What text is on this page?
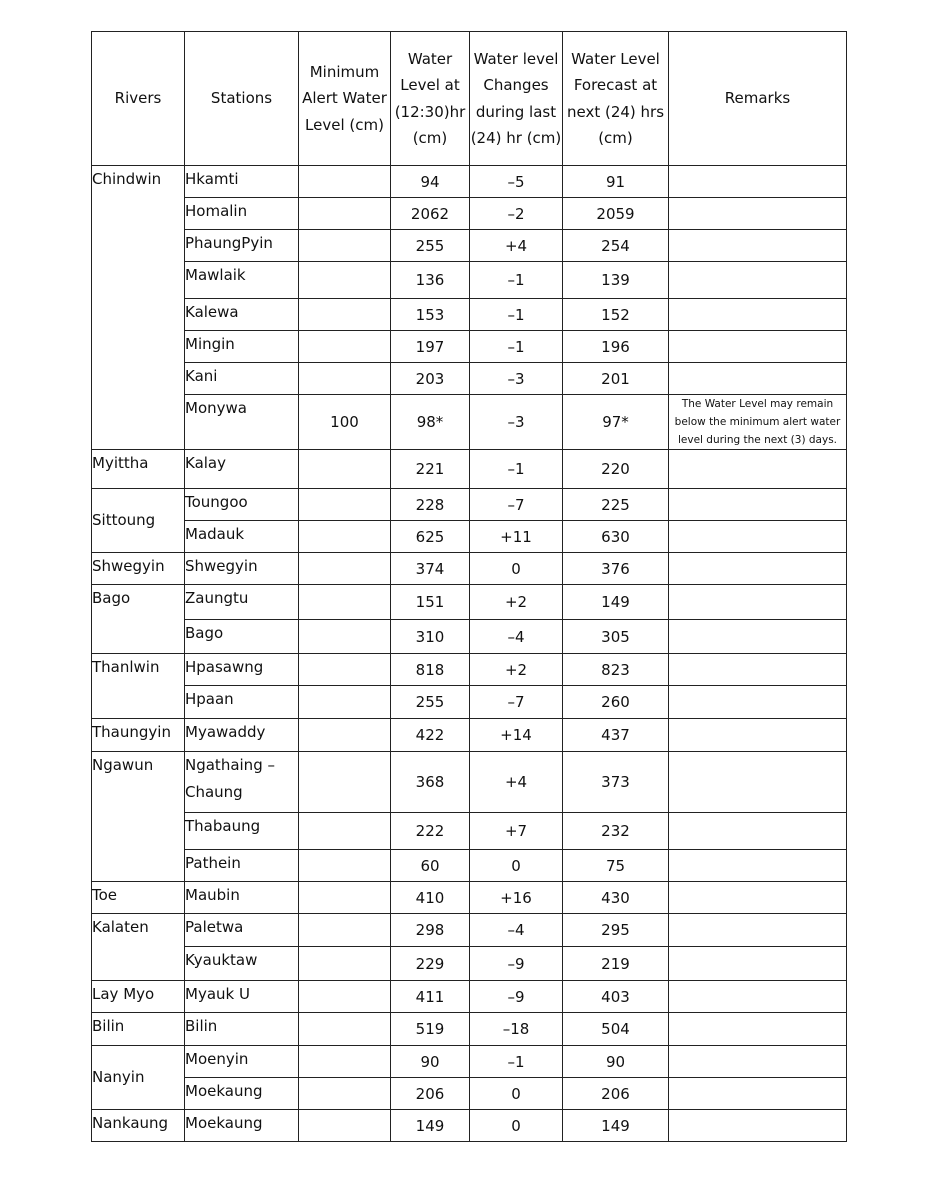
Rivers	Stations	Minimum Alert Water Level (cm)	Water Level at (12:30)hr (cm)	Water level Changes during last (24) hr (cm)	Water Level Forecast at next (24) hrs (cm)	Remarks
Chindwin	Hkamti		94	–5	91	
	Homalin		2062	–2	2059	
	PhaungPyin		255	+4	254	
	Mawlaik		136	–1	139	
	Kalewa		153	–1	152	
	Mingin		197	–1	196	
	Kani		203	–3	201	
	Monywa	100	98*	–3	97*	The Water Level may remain below the minimum alert water level during the next (3) days.
Myittha	Kalay		221	–1	220	
Sittoung	Toungoo		228	–7	225	
	Madauk		625	+11	630	
Shwegyin	Shwegyin		374	0	376	
Bago	Zaungtu		151	+2	149	
	Bago		310	–4	305	
Thanlwin	Hpasawng		818	+2	823	
	Hpaan		255	–7	260	
Thaungyin	Myawaddy		422	+14	437	
Ngawun	Ngathaing – Chaung		368	+4	373	
	Thabaung		222	+7	232	
	Pathein		60	0	75	
Toe	Maubin		410	+16	430	
Kalaten	Paletwa		298	–4	295	
	Kyauktaw		229	–9	219	
Lay Myo	Myauk U		411	–9	403	
Bilin	Bilin		519	–18	504	
Nanyin	Moenyin		90	–1	90	
	Moekaung		206	0	206	
Nankaung	Moekaung		149	0	149	
